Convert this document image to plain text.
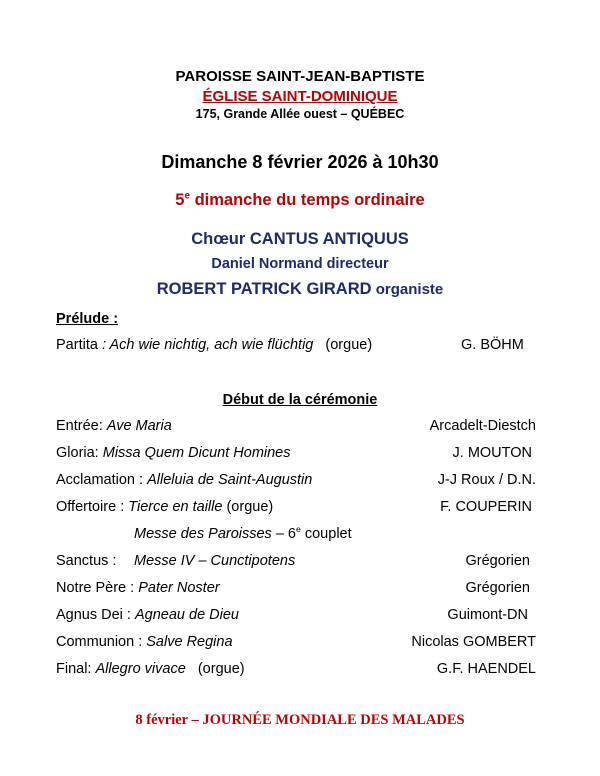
PAROISSE SAINT-JEAN-BAPTISTE
ÉGLISE SAINT-DOMINIQUE
175, Grande Allée ouest – QUÉBEC
Dimanche 8 février 2026 à 10h30
5e dimanche du temps ordinaire
Chœur CANTUS ANTIQUUS
Daniel Normand directeur
ROBERT PATRICK GIRARD organiste
Prélude :
Partita : Ach wie nichtig, ach wie flüchtig (orgue)	G. BÖHM
Début de la cérémonie
Entrée: Ave Maria	Arcadelt-Diestch
Gloria: Missa Quem Dicunt Homines	J. MOUTON
Acclamation : Alleluia de Saint-Augustin	J-J Roux / D.N.
Offertoire : Tierce en taille (orgue)	F. COUPERIN
Messe des Paroisses – 6e couplet
Sanctus :Messe IV – Cunctipotens	Grégorien
Notre Père : Pater Noster	Grégorien
Agnus Dei : Agneau de Dieu	Guimont-DN
Communion : Salve Regina	Nicolas GOMBERT
Final: Allegro vivace   (orgue)	G.F. HAENDEL
8 février – JOURNÉE MONDIALE DES MALADES
